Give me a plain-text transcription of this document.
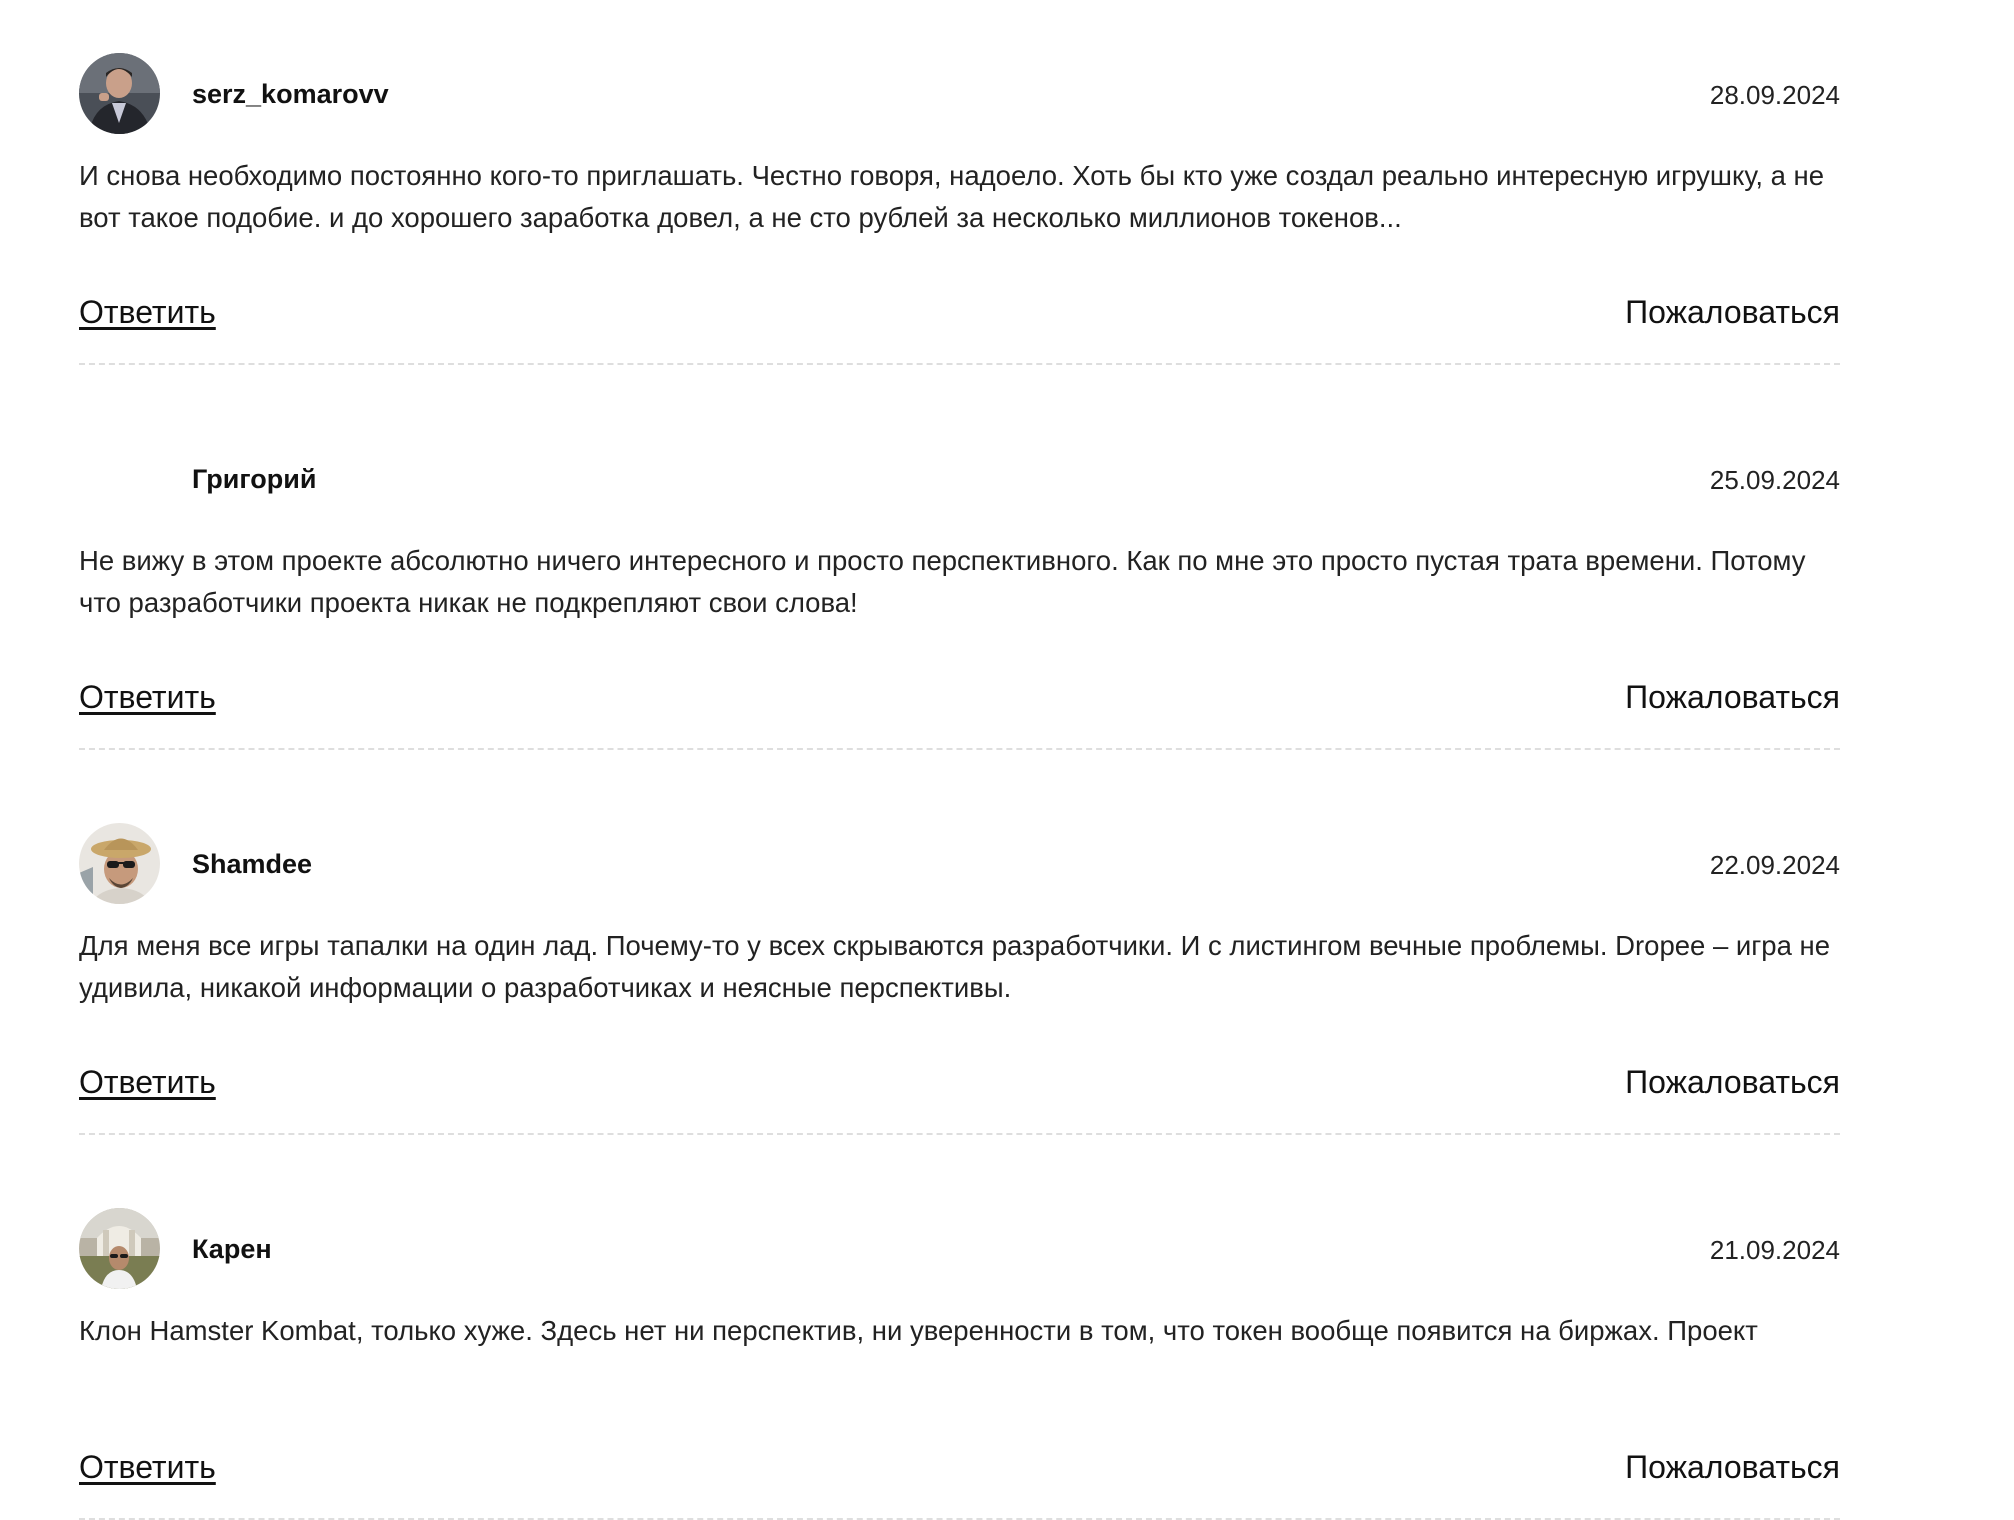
serz_komarovv	28.09.2024

И снова необходимо постоянно кого-то приглашать. Честно говоря, надоело. Хоть бы кто уже создал реально интересную игрушку, а не вот такое подобие. и до хорошего заработка довел, а не сто рублей за несколько миллионов токенов...

Ответить	Пожаловаться
Григорий	25.09.2024

Не вижу в этом проекте абсолютно ничего интересного и просто перспективного. Как по мне это просто пустая трата времени. Потому что разработчики проекта никак не подкрепляют свои слова!

Ответить	Пожаловаться
Shamdee	22.09.2024

Для меня все игры тапалки на один лад. Почему-то у всех скрываются разработчики. И с листингом вечные проблемы. Dropee – игра не удивила, никакой информации о разработчиках и неясные перспективы.

Ответить	Пожаловаться
Карен	21.09.2024

Клон Hamster Kombat, только хуже. Здесь нет ни перспектив, ни уверенности в том, что токен вообще появится на биржах. Проект

Ответить	Пожаловаться
